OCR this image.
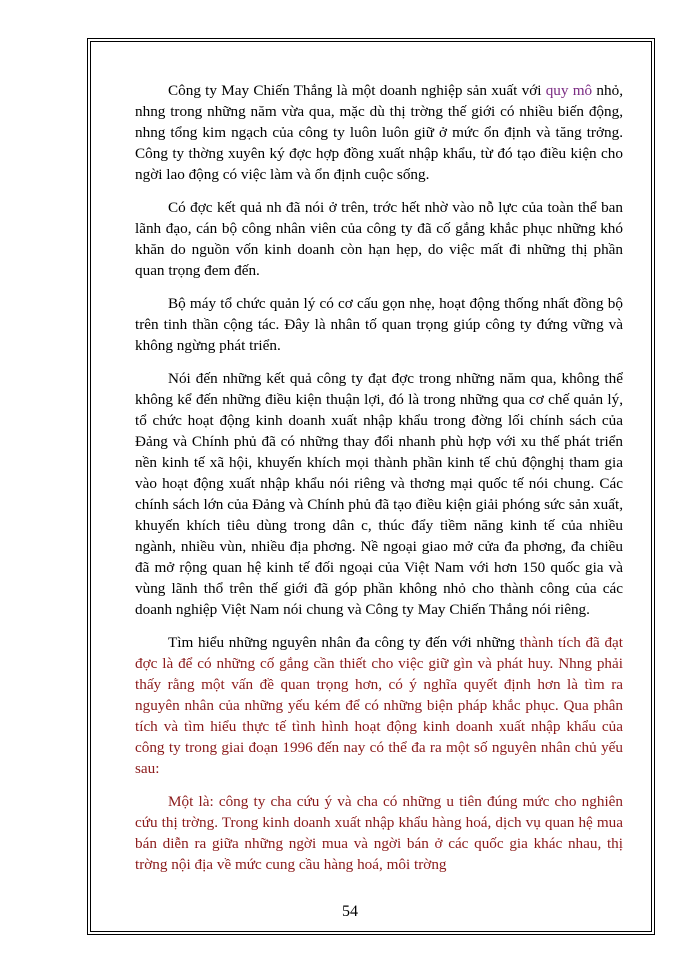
Công ty May Chiến Thắng là một doanh nghiệp sản xuất với quy mô nhỏ, nhng trong những năm vừa qua, mặc dù thị trờng thế giới có nhiều biến động, nhng tổng kim ngạch của công ty luôn luôn giữ ở mức ổn định và tăng trởng. Công ty thờng xuyên ký đợc hợp đồng xuất nhập khẩu, từ đó tạo điều kiện cho ngời lao động có việc làm và ổn định cuộc sống.

Có đợc kết quả nh đã nói ở trên, trớc hết nhờ vào nỗ lực của toàn thể ban lãnh đạo, cán bộ công nhân viên của công ty đã cố gắng khắc phục những khó khăn do nguồn vốn kinh doanh còn hạn hẹp, do việc mất đi những thị phần quan trọng đem đến.

Bộ máy tổ chức quản lý có cơ cấu gọn nhẹ, hoạt động thống nhất đồng bộ trên tinh thần cộng tác. Đây là nhân tố quan trọng giúp công ty đứng vững và không ngừng phát triển.

Nói đến những kết quả công ty đạt đợc trong những năm qua, không thể không kể đến những điều kiện thuận lợi, đó là trong những qua cơ chế quản lý, tổ chức hoạt động kinh doanh xuất nhập khẩu trong đờng lối chính sách của Đảng và Chính phủ đã có những thay đổi nhanh phù hợp với xu thế phát triển nền kinh tế xã hội, khuyến khích mọi thành phần kinh tế chủ độnghị tham gia vào hoạt động xuất nhập khẩu nói riêng và thơng mại quốc tế nói chung. Các chính sách lớn của Đảng và Chính phủ đã tạo điều kiện giải phóng sức sản xuất, khuyến khích tiêu dùng trong dân c, thúc đẩy tiềm năng kinh tế của nhiều ngành, nhiều vùn, nhiều địa phơng. Nề ngoại giao mở cửa đa phơng, đa chiều đã mở rộng quan hệ kinh tế đối ngoại của Việt Nam với hơn 150 quốc gia và vùng lãnh thổ trên thế giới đã góp phần không nhỏ cho thành công của các doanh nghiệp Việt Nam nói chung và Công ty May Chiến Thắng nói riêng.

Tìm hiểu những nguyên nhân đa công ty đến với những thành tích đã đạt đợc là để có những cố gắng cần thiết cho việc giữ gìn và phát huy. Nhng phải thấy rằng một vấn đề quan trọng hơn, có ý nghĩa quyết định hơn là tìm ra nguyên nhân của những yếu kém để có những biện pháp khắc phục. Qua phân tích và tìm hiểu thực tế tình hình hoạt động kinh doanh xuất nhập khẩu của công ty trong giai đoạn 1996 đến nay có thể đa ra một số nguyên nhân chủ yếu sau:

Một là: công ty cha cứu ý và cha có những u tiên đúng mức cho nghiên cứu thị trờng. Trong kinh doanh xuất nhập khẩu hàng hoá, dịch vụ quan hệ mua bán diễn ra giữa những ngời mua và ngời bán ở các quốc gia khác nhau, thị trờng nội địa về mức cung cầu hàng hoá, môi trờng

54
